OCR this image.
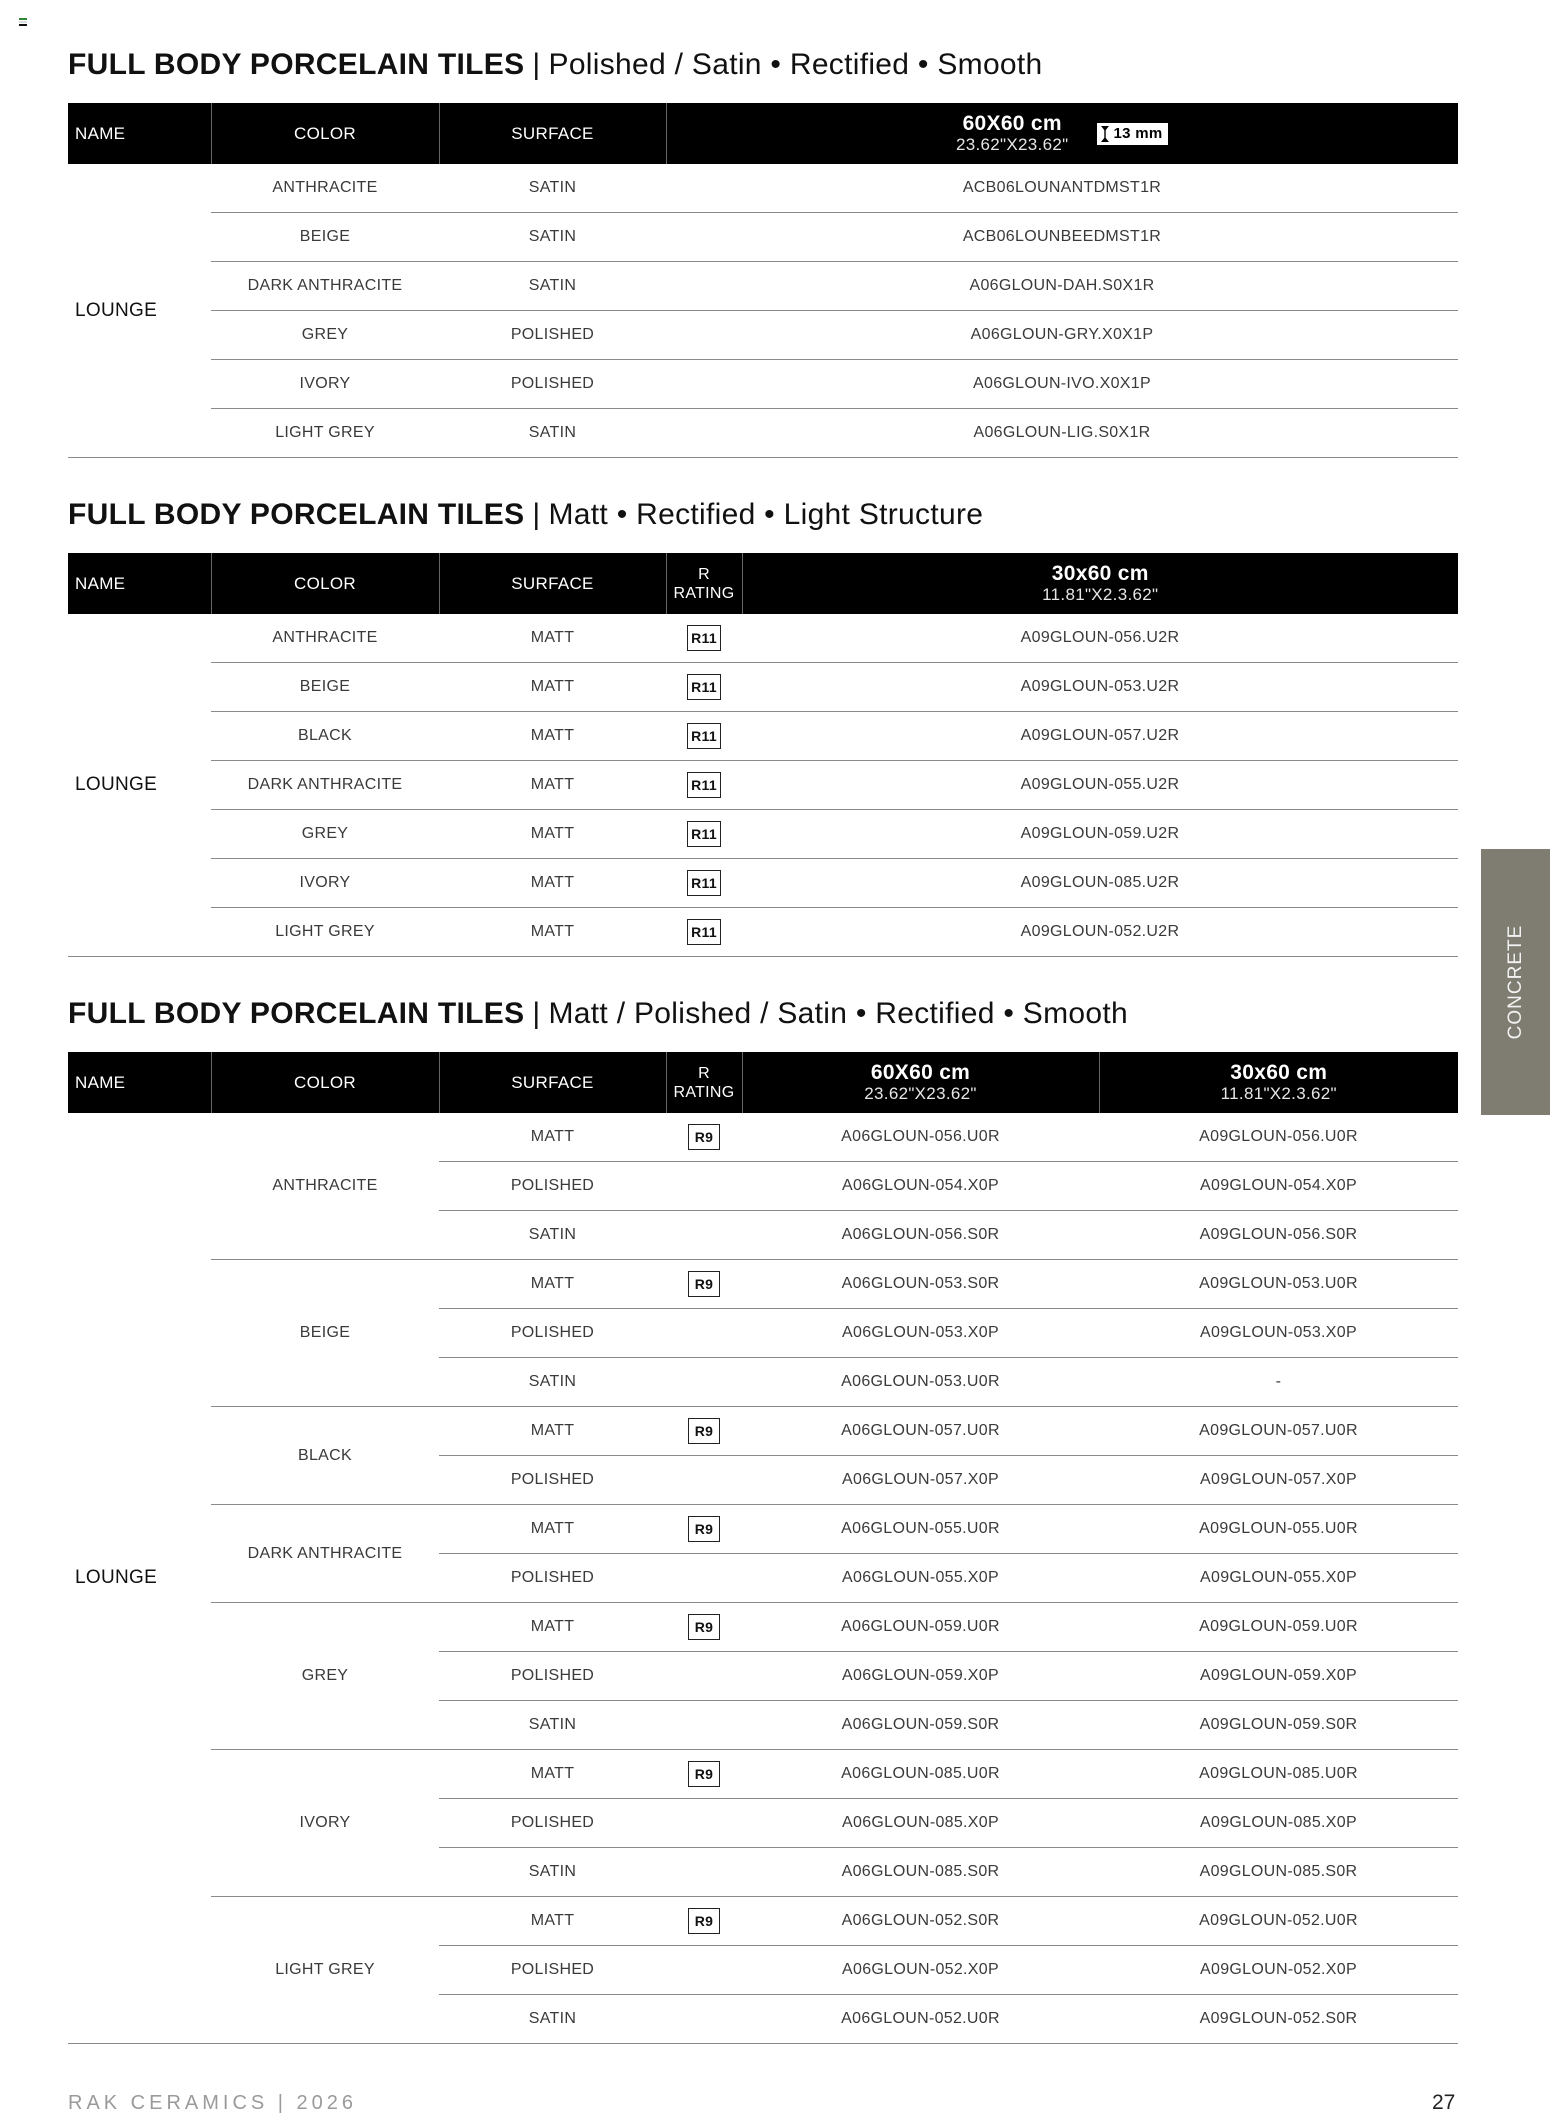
FULL BODY PORCELAIN TILES | Polished / Satin • Rectified • Smooth
NAME	COLOR	SURFACE	60X60 cm
23.62"X23.62"

13 mm

LOUNGE	ANTHRACITE	SATIN	ACB06LOUNANTDMST1R
	BEIGE	SATIN	ACB06LOUNBEEDMST1R
	DARK ANTHRACITE	SATIN	A06GLOUN-DAH.S0X1R
	GREY	POLISHED	A06GLOUN-GRY.X0X1P
	IVORY	POLISHED	A06GLOUN-IVO.X0X1P
	LIGHT GREY	SATIN	A06GLOUN-LIG.S0X1R
FULL BODY PORCELAIN TILES | Matt • Rectified • Light Structure
NAME	COLOR	SURFACE	R
RATING	30x60 cm
11.81"X2.3.62"

LOUNGE	ANTHRACITE	MATT	R11	A09GLOUN-056.U2R
	BEIGE	MATT	R11	A09GLOUN-053.U2R
	BLACK	MATT	R11	A09GLOUN-057.U2R
	DARK ANTHRACITE	MATT	R11	A09GLOUN-055.U2R
	GREY	MATT	R11	A09GLOUN-059.U2R
	IVORY	MATT	R11	A09GLOUN-085.U2R
	LIGHT GREY	MATT	R11	A09GLOUN-052.U2R
FULL BODY PORCELAIN TILES | Matt / Polished / Satin • Rectified • Smooth
NAME	COLOR	SURFACE	R
RATING	60X60 cm
23.62"X23.62"	30x60 cm
11.81"X2.3.62"

LOUNGE	ANTHRACITE	MATT	R9	A06GLOUN-056.U0R	A09GLOUN-056.U0R
		POLISHED		A06GLOUN-054.X0P	A09GLOUN-054.X0P
		SATIN		A06GLOUN-056.S0R	A09GLOUN-056.S0R
	BEIGE	MATT	R9	A06GLOUN-053.S0R	A09GLOUN-053.U0R
		POLISHED		A06GLOUN-053.X0P	A09GLOUN-053.X0P
		SATIN		A06GLOUN-053.U0R	-
	BLACK	MATT	R9	A06GLOUN-057.U0R	A09GLOUN-057.U0R
		POLISHED		A06GLOUN-057.X0P	A09GLOUN-057.X0P
	DARK ANTHRACITE	MATT	R9	A06GLOUN-055.U0R	A09GLOUN-055.U0R
		POLISHED		A06GLOUN-055.X0P	A09GLOUN-055.X0P
	GREY	MATT	R9	A06GLOUN-059.U0R	A09GLOUN-059.U0R
		POLISHED		A06GLOUN-059.X0P	A09GLOUN-059.X0P
		SATIN		A06GLOUN-059.S0R	A09GLOUN-059.S0R
	IVORY	MATT	R9	A06GLOUN-085.U0R	A09GLOUN-085.U0R
		POLISHED		A06GLOUN-085.X0P	A09GLOUN-085.X0P
		SATIN		A06GLOUN-085.S0R	A09GLOUN-085.S0R
	LIGHT GREY	MATT	R9	A06GLOUN-052.S0R	A09GLOUN-052.U0R
		POLISHED		A06GLOUN-052.X0P	A09GLOUN-052.X0P
		SATIN		A06GLOUN-052.U0R	A09GLOUN-052.S0R
CONCRETE
RAK CERAMICS | 2026	27
